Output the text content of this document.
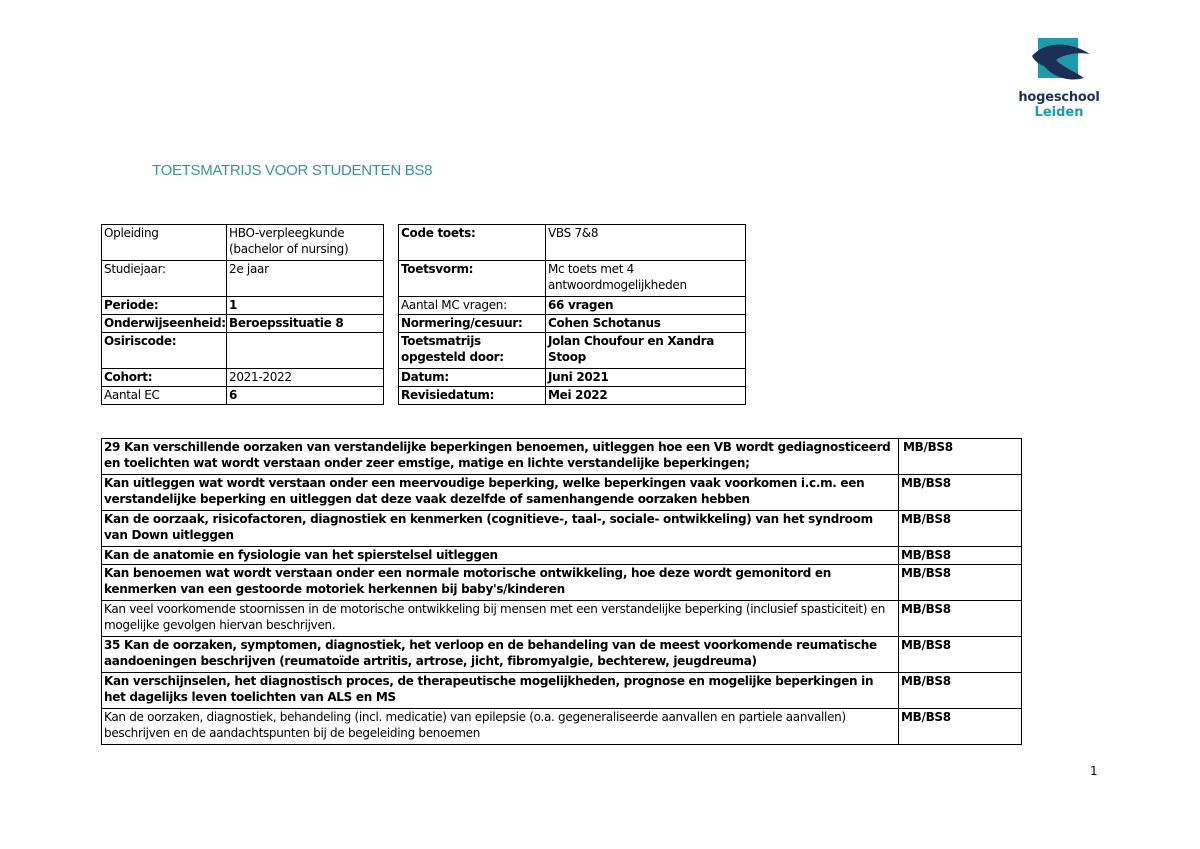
hogeschool
Leiden
TOETSMATRIJS VOOR STUDENTEN BS8
Opleiding	HBO-verpleegkunde (bachelor of nursing)
Studiejaar:	2e jaar
Periode:	1
Onderwijseenheid:	Beroepssituatie 8
Osiriscode:	
Cohort:	2021-2022
Aantal EC	6
Code toets:	VBS 7&8
Toetsvorm:	Mc toets met 4 antwoordmogelijkheden
Aantal MC vragen:	66 vragen
Normering/cesuur:	Cohen Schotanus
Toetsmatrijs opgesteld door:	Jolan Choufour en Xandra Stoop
Datum:	Juni 2021
Revisiedatum:	Mei 2022
29 Kan verschillende oorzaken van verstandelijke beperkingen benoemen, uitleggen hoe een VB wordt gediagnosticeerd en toelichten wat wordt verstaan onder zeer emstige, matige en lichte verstandelijke beperkingen;	MB/BS8
Kan uitleggen wat wordt verstaan onder een meervoudige beperking, welke beperkingen vaak voorkomen i.c.m. een verstandelijke beperking en uitleggen dat deze vaak dezelfde of samenhangende oorzaken hebben	MB/BS8
Kan de oorzaak, risicofactoren, diagnostiek en kenmerken (cognitieve-, taal-, sociale- ontwikkeling) van het syndroom van Down uitleggen	MB/BS8
Kan de anatomie en fysiologie van het spierstelsel uitleggen	MB/BS8
Kan benoemen wat wordt verstaan onder een normale motorische ontwikkeling, hoe deze wordt gemonitord en kenmerken van een gestoorde motoriek herkennen bij baby's/kinderen	MB/BS8
Kan veel voorkomende stoornissen in de motorische ontwikkeling bij mensen met een verstandelijke beperking (inclusief spasticiteit) en mogelijke gevolgen hiervan beschrijven.	MB/BS8
35 Kan de oorzaken, symptomen, diagnostiek, het verloop en de behandeling van de meest voorkomende reumatische aandoeningen beschrijven (reumatoïde artritis, artrose, jicht, fibromyalgie, bechterew, jeugdreuma)	MB/BS8
Kan verschijnselen, het diagnostisch proces, de therapeutische mogelijkheden, prognose en mogelijke beperkingen in het dagelijks leven toelichten van ALS en MS	MB/BS8
Kan de oorzaken, diagnostiek, behandeling (incl. medicatie) van epilepsie (o.a. gegeneraliseerde aanvallen en partiele aanvallen) beschrijven en de aandachtspunten bij de begeleiding benoemen	MB/BS8
1
